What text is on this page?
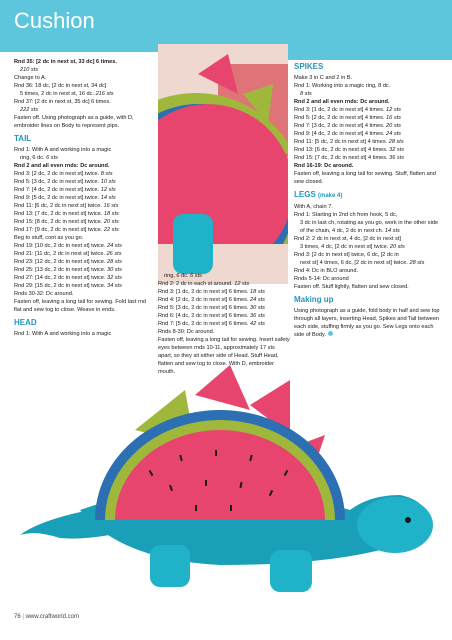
Cushion

Rnd 35: [2 dc in next st, 33 dc] 6 times.

210 sts

Change to A.

Rnd 36: 18 dc, [2 dc in next st, 34 dc]

5 times, 2 dc in next st, 16 dc. 216 sts

Rnd 37: [2 dc in next st, 35 dc] 6 times.

222 sts

Fasten off. Using photograph as a guide, with D, embroider lines on Body to represent pips.

TAIL

Rnd 1: With A and working into a magic

ring, 6 dc. 6 sts

Rnd 2 and all even rnds: Dc around.

Rnd 3: [2 dc, 2 dc in next st] twice. 8 sts

Rnd 5: [3 dc, 2 dc in next st] twice. 10 sts

Rnd 7: [4 dc, 2 dc in next st] twice. 12 sts

Rnd 9: [5 dc, 2 dc in next st] twice. 14 sts

Rnd 11: [6 dc, 2 dc in next st] twice. 16 sts

Rnd 13: [7 dc, 2 dc in next st] twice. 18 sts

Rnd 15: [8 dc, 2 dc in next st] twice. 20 sts

Rnd 17: [9 dc, 2 dc in next st] twice. 22 sts

Beg to stuff, cont as you go.

Rnd 19: [10 dc, 2 dc in next st] twice. 24 sts

Rnd 21: [11 dc, 2 dc in next st] twice. 26 sts

Rnd 23: [12 dc, 2 dc in next st] twice. 28 sts

Rnd 25: [13 dc, 2 dc in next st] twice. 30 sts

Rnd 27: [14 dc, 2 dc in next st] twice. 32 sts

Rnd 29: [15 dc, 2 dc in next st] twice. 34 sts

Rnds 30-32: Dc around.

Fasten off, leaving a long tail for sewing. Fold last rnd flat and sew tog to close. Weave in ends.

HEAD

Rnd 1: With A and working into a magic

ring, 6 dc. 6 sts

Rnd 2: 2 dc in each st around. 12 sts

Rnd 3: [1 dc, 2 dc in next st] 6 times. 18 sts

Rnd 4: [2 dc, 2 dc in next st] 6 times. 24 sts

Rnd 5: [3 dc, 2 dc in next st] 6 times. 30 sts

Rnd 6: [4 dc, 2 dc in next st] 6 times. 36 sts

Rnd 7: [5 dc, 2 dc in next st] 6 times. 42 sts

Rnds 8-30: Dc around.

Fasten off, leaving a long tail for sewing. Insert safety eyes between rnds 10-11, approximately 17 sts apart, so they sit either side of Head. Stuff Head, flatten and sew tog to close. With D, embroider mouth.

SPIKES

Make 3 in C and 2 in B.

Rnd 1: Working into a magic ring, 8 dc.

8 sts

Rnd 2 and all even rnds: Dc around.

Rnd 3: [1 dc, 2 dc in next st] 4 times. 12 sts

Rnd 5: [2 dc, 2 dc in next st] 4 times. 16 sts

Rnd 7: [3 dc, 2 dc in next st] 4 times. 20 sts

Rnd 9: [4 dc, 2 dc in next st] 4 times. 24 sts

Rnd 11: [5 dc, 2 dc in next st] 4 times. 28 sts

Rnd 13: [6 dc, 2 dc in next st] 4 times. 32 sts

Rnd 15: [7 dc, 2 dc in next st] 4 times. 36 sts

Rnd 16-19: Dc around.

Fasten off, leaving a long tail for sewing. Stuff, flatten and sew closed.

LEGS (make 4)

With A, chain 7.

Rnd 1: Starting in 2nd ch from hook, 5 dc,

3 dc in last ch, rotating as you go, work in the other side of the chain, 4 dc, 2 dc in next ch. 14 sts

Rnd 2: 2 dc in next st, 4 dc, [2 dc in next st]

3 times, 4 dc, [2 dc in next st] twice. 20 sts

Rnd 3: [2 dc in next st] twice, 6 dc, [2 dc in

next st] 4 times, 6 dc, [2 dc in next st] twice. 28 sts

Rnd 4: Dc in BLO around.

Rnds 5-14: Dc around

Fasten off. Stuff lightly, flatten and sew closed.

Making up

Using photograph as a guide, fold body in half and sew top through all layers, inserting Head, Spikes and Tail between each side, stuffing firmly as you go. Sew Legs onto each side of Body.

76 | www.craftworld.com
